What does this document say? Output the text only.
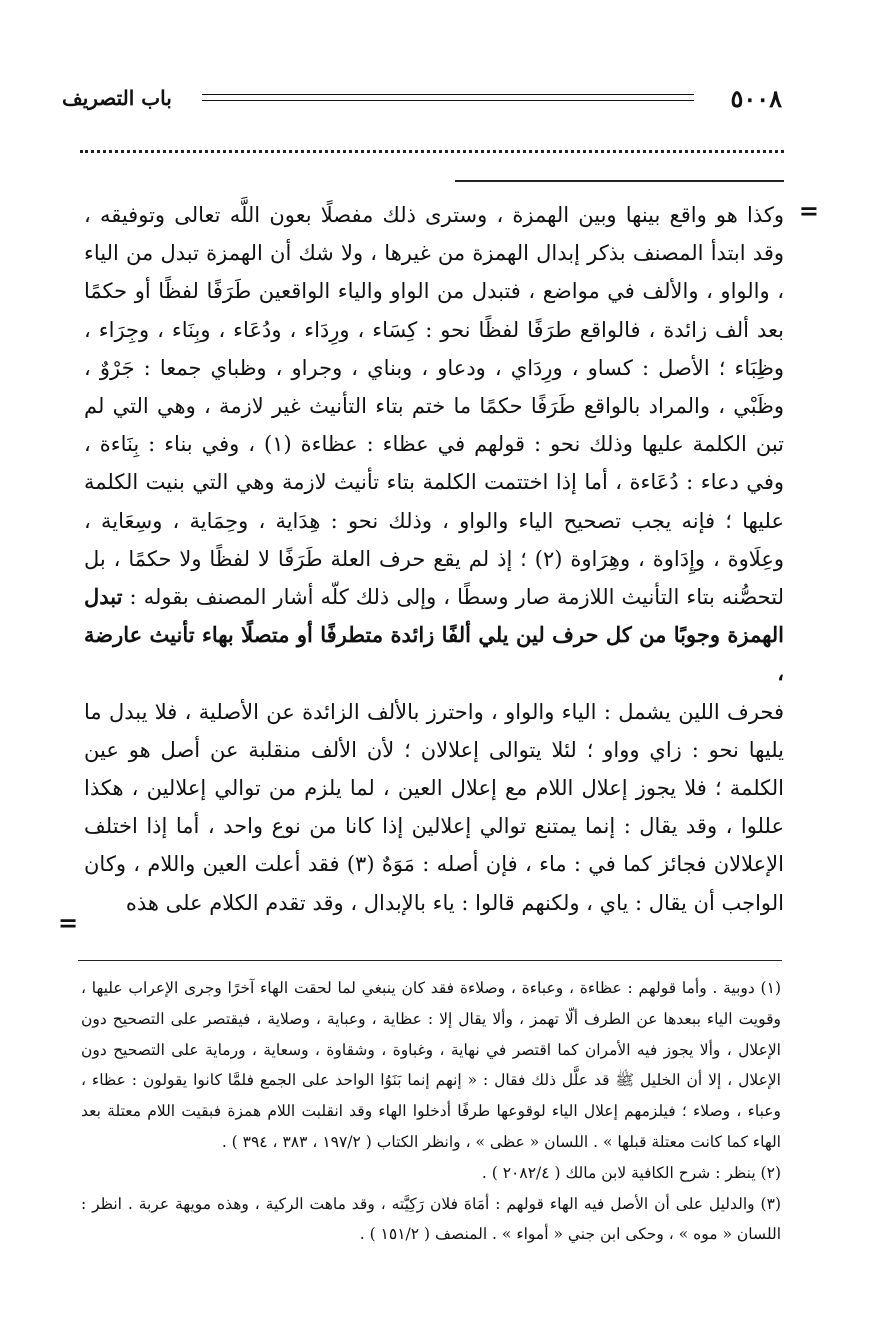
٥٠٠٨
باب التصريف
=

وكذا هو واقع بينها وبين الهمزة ، وسترى ذلك مفصلًا بعون اللَّه تعالى وتوفيقه ، وقد ابتدأ المصنف بذكر إبدال الهمزة من غيرها ، ولا شك أن الهمزة تبدل من الياء ، والواو ، والألف في مواضع ، فتبدل من الواو والياء الواقعين طَرَفًا لفظًا أو حكمًا بعد ألف زائدة ، فالواقع طرَفًا لفظًا نحو : كِسَاء ، ورِدَاء ، ودُعَاء ، وبِنَاء ، وجِرَاء ، وظِبَاء ؛ الأصل : كساو ، ورِدَاي ، ودعاو ، وبناي ، وجراو ، وظباي جمعا : جَرْوٌ ، وظَبْي ، والمراد بالواقع طَرَفًا حكمًا ما ختم بتاء التأنيث غير لازمة ، وهي التي لم تبن الكلمة عليها وذلك نحو : قولهم في عظاء : عظاءة (١) ، وفي بناء : بِنَاءة ، وفي دعاء : دُعَاءة ، أما إذا اختتمت الكلمة بتاء تأنيث لازمة وهي التي بنيت الكلمة عليها ؛ فإنه يجب تصحيح الياء والواو ، وذلك نحو : هِدَاية ، وحِمَاية ، وسِعَاية ، وعِلَاوة ، وإِدَاوة ، وهِرَاوة (٢) ؛ إذ لم يقع حرف العلة طَرَفًا لا لفظًا ولا حكمًا ، بل لتحصُّنه بتاء التأنيث اللازمة صار وسطًا ، وإلى ذلك كلّه أشار المصنف بقوله : تبدل الهمزة وجوبًا من كل حرف لين يلي ألفًا زائدة متطرفًا أو متصلًا بهاء تأنيث عارضة ،

فحرف اللين يشمل : الياء والواو ، واحترز بالألف الزائدة عن الأصلية ، فلا يبدل ما يليها نحو : زاي وواو ؛ لئلا يتوالى إعلالان ؛ لأن الألف منقلبة عن أصل هو عين الكلمة ؛ فلا يجوز إعلال اللام مع إعلال العين ، لما يلزم من توالي إعلالين ، هكذا عللوا ، وقد يقال : إنما يمتنع توالي إعلالين إذا كانا من نوع واحد ، أما إذا اختلف الإعلالان فجائز كما في : ماء ، فإن أصله : مَوَهٌ (٣) فقد أعلت العين واللام ، وكان الواجب أن يقال : ياي ، ولكنهم قالوا : ياء بالإبدال ، وقد تقدم الكلام على هذه

=

(١) دوبية . وأما قولهم : عظاءة ، وعباءة ، وصلاءة فقد كان ينبغي لما لحقت الهاء آخرًا وجرى الإعراب عليها ، وقويت الياء ببعدها عن الطرف ألّا تهمز ، وألا يقال إلا : عظاية ، وعباية ، وصلاية ، فيقتصر على التصحيح دون الإعلال ، وألا يجوز فيه الأمران كما اقتصر في نهاية ، وغباوة ، وشقاوة ، وسعاية ، ورماية على التصحيح دون الإعلال ، إلا أن الخليل ﷺ قد علَّل ذلك فقال : « إنهم إنما بَنَوُا الواحد على الجمع فلمَّا كانوا يقولون : عظاء ، وعباء ، وصلاء ؛ فيلزمهم إعلال الياء لوقوعها طرفًا أدخلوا الهاء وقد انقلبت اللام همزة فبقيت اللام معتلة بعد الهاء كما كانت معتلة قبلها » . اللسان « عظى » ، وانظر الكتاب ( ١٩٧/٢ ، ٣٨٣ ، ٣٩٤ ) .

(٢) ينظر : شرح الكافية لابن مالك ( ٢٠٨٢/٤ ) .

(٣) والدليل على أن الأصل فيه الهاء قولهم : أمَاهَ فلان رَكِيَّته ، وقد ماهت الركية ، وهذه مويهة عربة . انظر : اللسان « موه » ، وحكى ابن جني « أمواء » . المنصف ( ١٥١/٢ ) .
